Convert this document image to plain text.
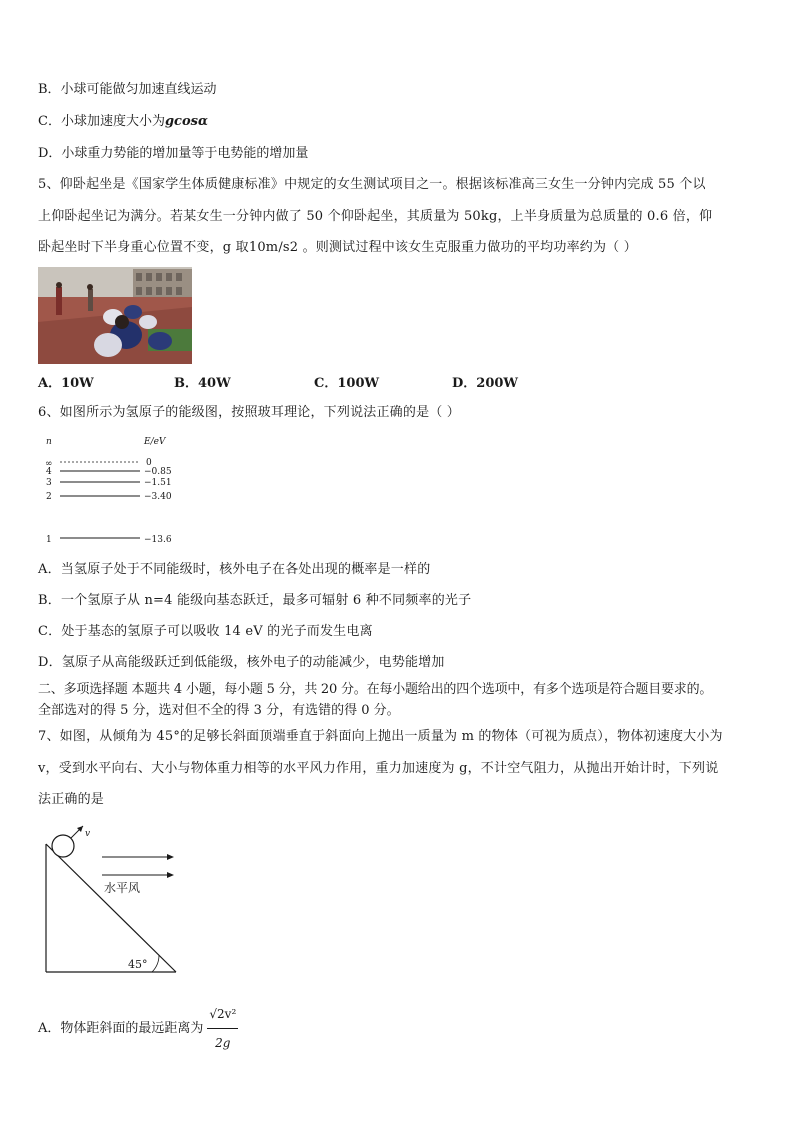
B．小球可能做匀加速直线运动
C．小球加速度大小为gcosα
D．小球重力势能的增加量等于电势能的增加量
5、仰卧起坐是《国家学生体质健康标准》中规定的女生测试项目之一。根据该标准高三女生一分钟内完成 55 个以
上仰卧起坐记为满分。若某女生一分钟内做了 50 个仰卧起坐，其质量为 50kg，上半身质量为总质量的 0.6 倍，仰
卧起坐时下半身重心位置不变，g 取10m/s2 。则测试过程中该女生克服重力做功的平均功率约为（ ）
A．10W	B．40W	C．100W	D．200W
6、如图所示为氢原子的能级图，按照玻耳理论，下列说法正确的是（ ）
n	E/eV
∞	0
4	−0.85
3	−1.51
2	−3.40
1	−13.6
A．当氢原子处于不同能级时，核外电子在各处出现的概率是一样的
B．一个氢原子从 n=4 能级向基态跃迁，最多可辐射 6 种不同频率的光子
C．处于基态的氢原子可以吸收 14 eV 的光子而发生电离
D．氢原子从高能级跃迁到低能级，核外电子的动能减少，电势能增加
二、多项选择题 本题共 4 小题，每小题 5 分，共 20 分。在每小题给出的四个选项中，有多个选项是符合题目要求的。
全部选对的得 5 分，选对但不全的得 3 分，有选错的得 0 分。
7、如图，从倾角为 45°的足够长斜面顶端垂直于斜面向上抛出一质量为 m 的物体（可视为质点），物体初速度大小为
v，受到水平向右、大小与物体重力相等的水平风力作用，重力加速度为 g，不计空气阻力，从抛出开始计时，下列说
法正确的是
v
水平风
45°
A．物体距斜面的最远距离为 $\frac{\text{√2v²}}{2g}$
